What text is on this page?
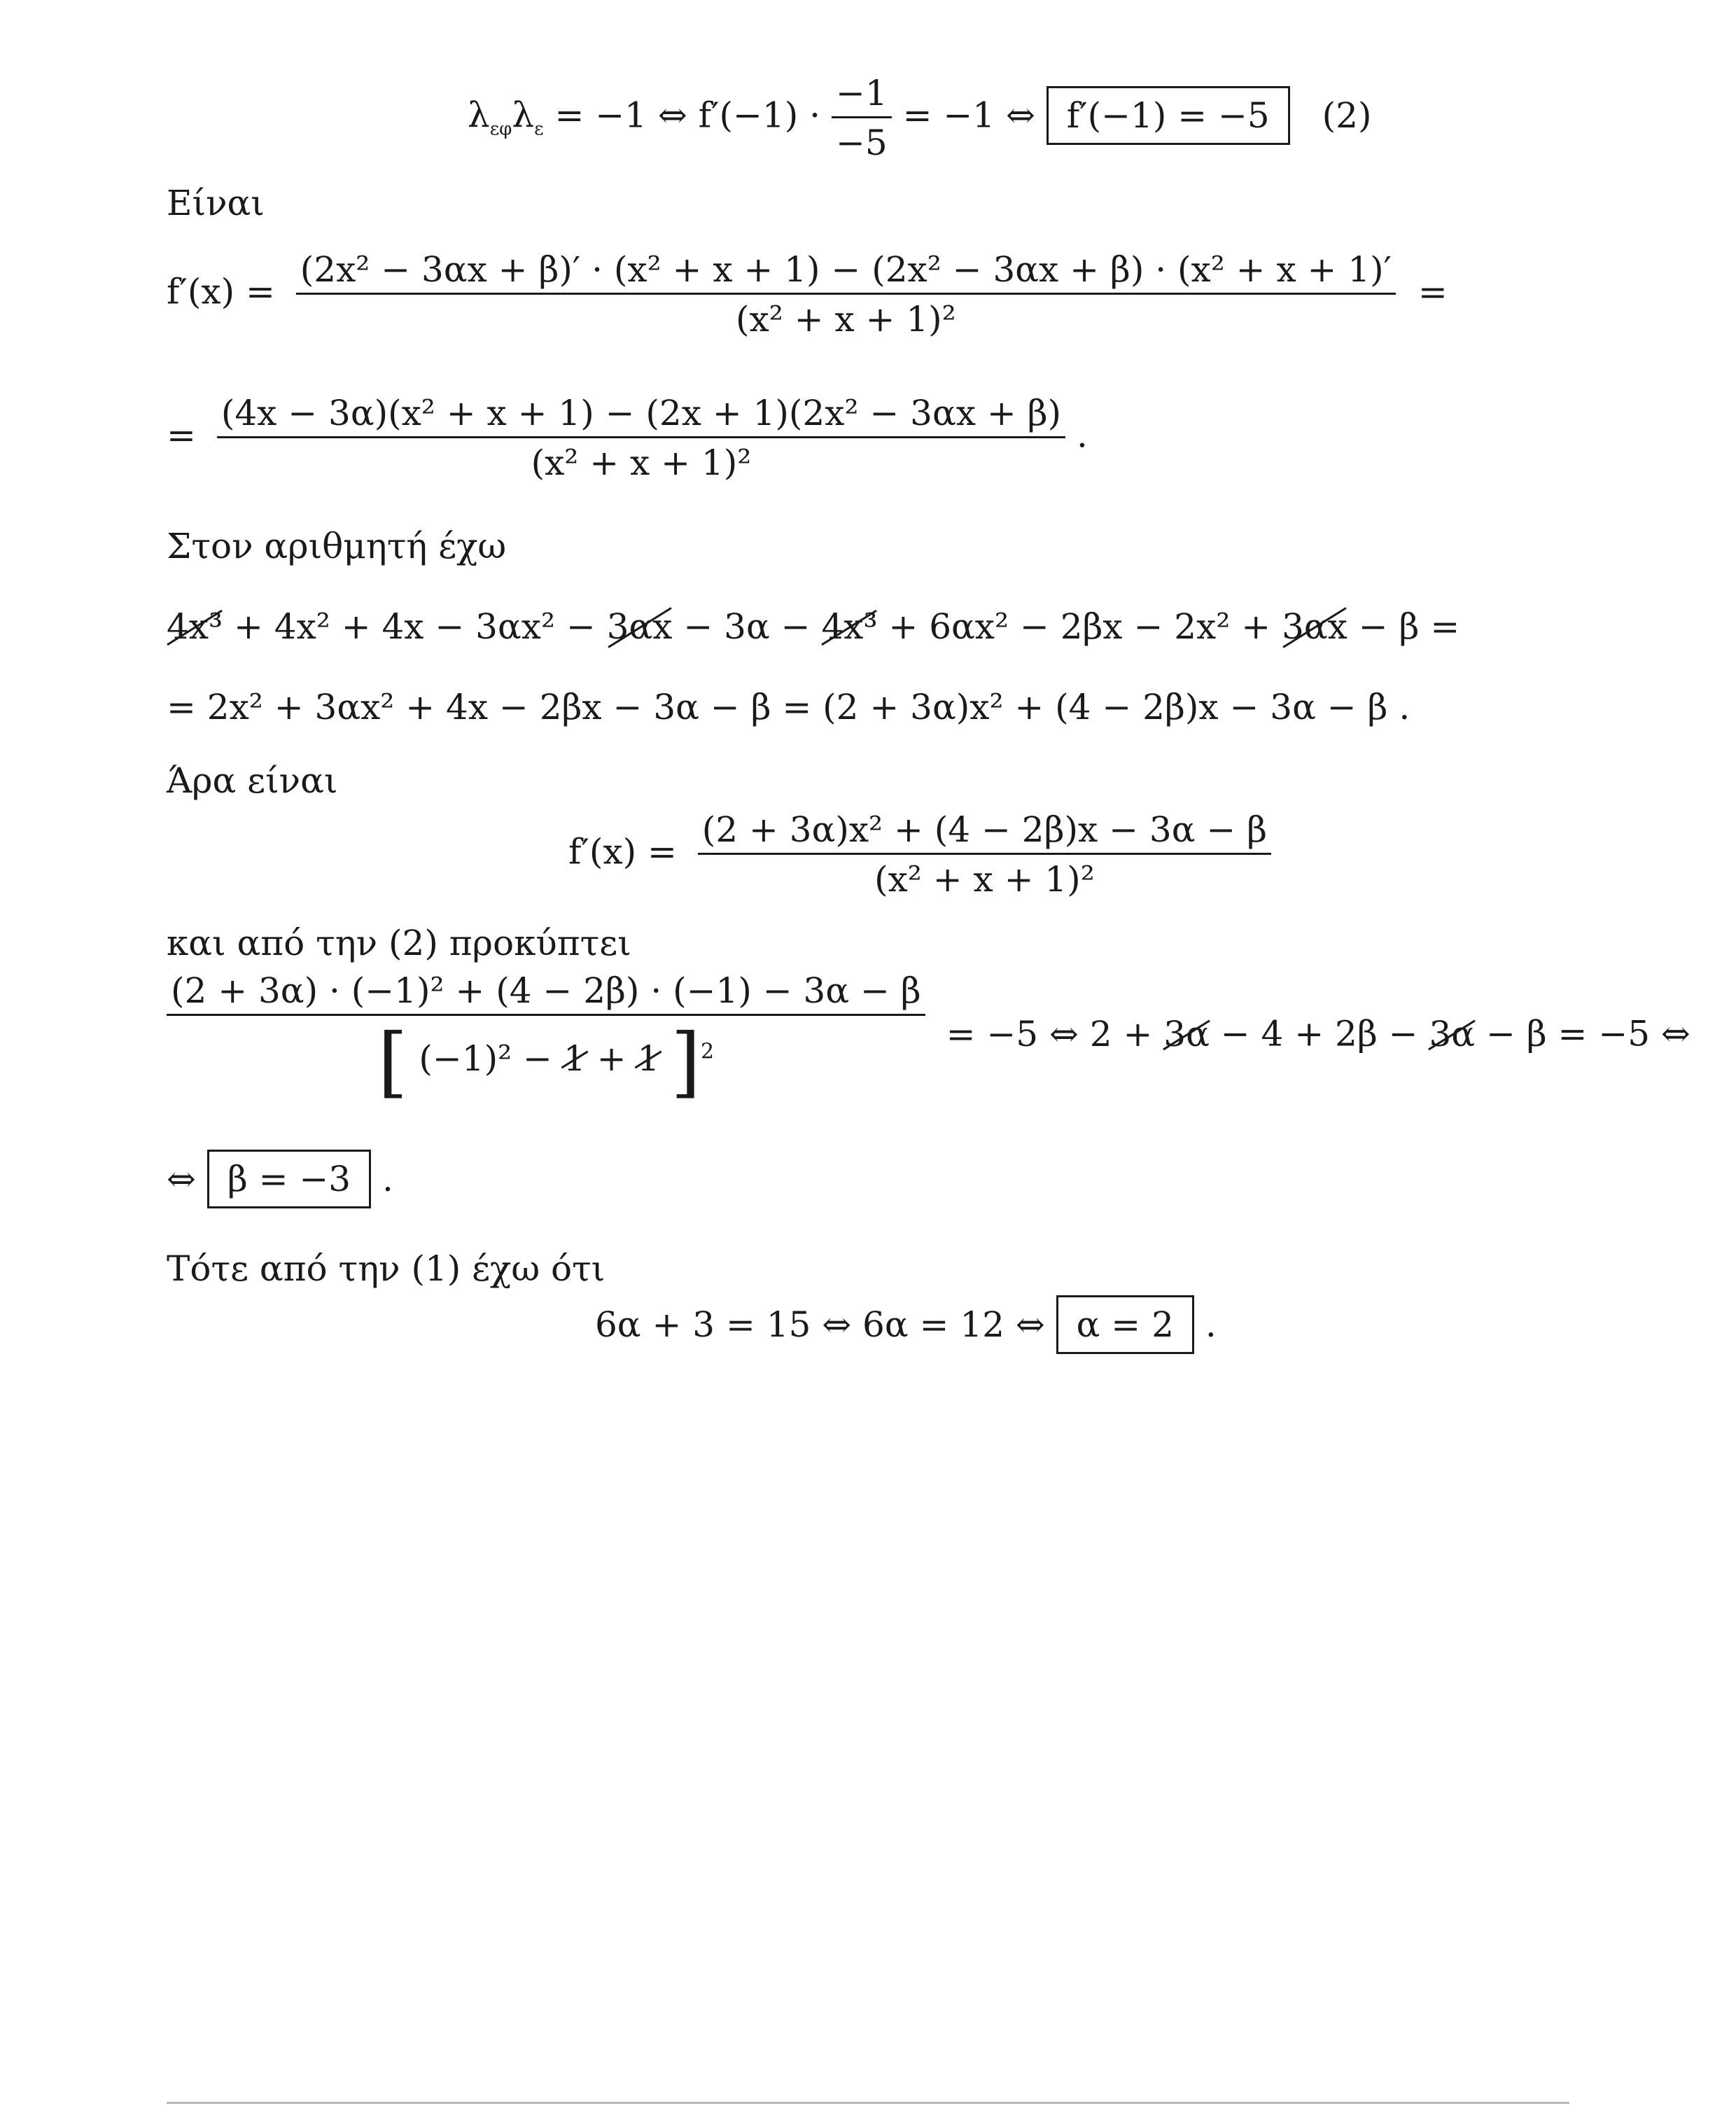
$\lambda_{\varepsilon\varphi}\lambda_\varepsilon = -1$ ⇔ $f'(-1) \cdot \frac{-1}{-5} = -1$ ⇔ f′(−1) = −5 (2)
Είναι
f′(x) =
(2x² − 3αx + β)′ · (x² + x + 1) − (2x² − 3αx + β) · (x² + x + 1)′
(x² + x + 1)²
=
= $\frac{\text{(4x − 3α)(x² + x + 1) − (2x + 1)(2x² − 3αx + β)}}{\text{(x² + x + 1)²}}$ .
Στον αριθμητή έχω
4x³ + 4x² + 4x − 3αx² − 3αx − 3α − 4x³ + 6αx² − 2βx − 2x² + 3αx − β =
= 2x² + 3αx² + 4x − 2βx − 3α − β = (2 + 3α)x² + (4 − 2β)x − 3α − β .
Άρα είναι
$f'(x) = \frac{\text{(2 + 3α)x² + (4 − 2β)x − 3α − β}}{\text{(x² + x + 1)²}}$
και από την (2) προκύπτει
$\frac{\text{(2 + 3α) · (−1)² + (4 − 2β) · (−1) − 3α − β}}{[ (-1)^2 - 1 + 1 ]^2} = -5$ ⇔ 2 + 3α − 4 + 2β − 3α − β = −5 ⇔
⇔ β = −3 .
Τότε από την (1) έχω ότι
6α + 3 = 15 ⇔ 6α = 12 ⇔ α = 2 .
